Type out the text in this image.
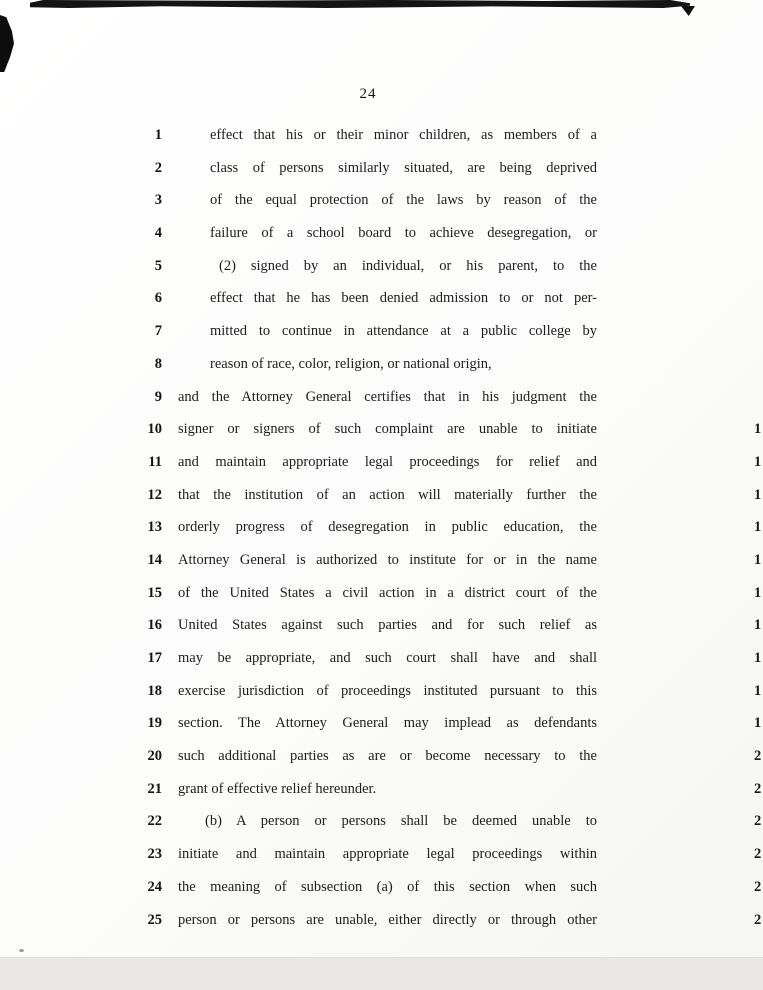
24
1	effect that his or their minor children, as members of a
2	class of persons similarly situated, are being deprived
3	of the equal protection of the laws by reason of the
4	failure of a school board to achieve desegregation, or
5	(2) signed by an individual, or his parent, to the
6	effect that he has been denied admission to or not per-
7	mitted to continue in attendance at a public college by
8	reason of race, color, religion, or national origin,
9 and the Attorney General certifies that in his judgment the
10 signer or signers of such complaint are unable to initiate	1
11 and maintain appropriate legal proceedings for relief and	1
12 that the institution of an action will materially further the	1
13 orderly progress of desegregation in public education, the	1
14 Attorney General is authorized to institute for or in the name	1
15 of the United States a civil action in a district court of the	1
16 United States against such parties and for such relief as	1
17 may be appropriate, and such court shall have and shall	1
18 exercise jurisdiction of proceedings instituted pursuant to this	1
19 section. The Attorney General may implead as defendants	1
20 such additional parties as are or become necessary to the	2
21 grant of effective relief hereunder.	2
22	(b) A person or persons shall be deemed unable to	2
23 initiate and maintain appropriate legal proceedings within	2
24 the meaning of subsection (a) of this section when such	2
25 person or persons are unable, either directly or through other	2
